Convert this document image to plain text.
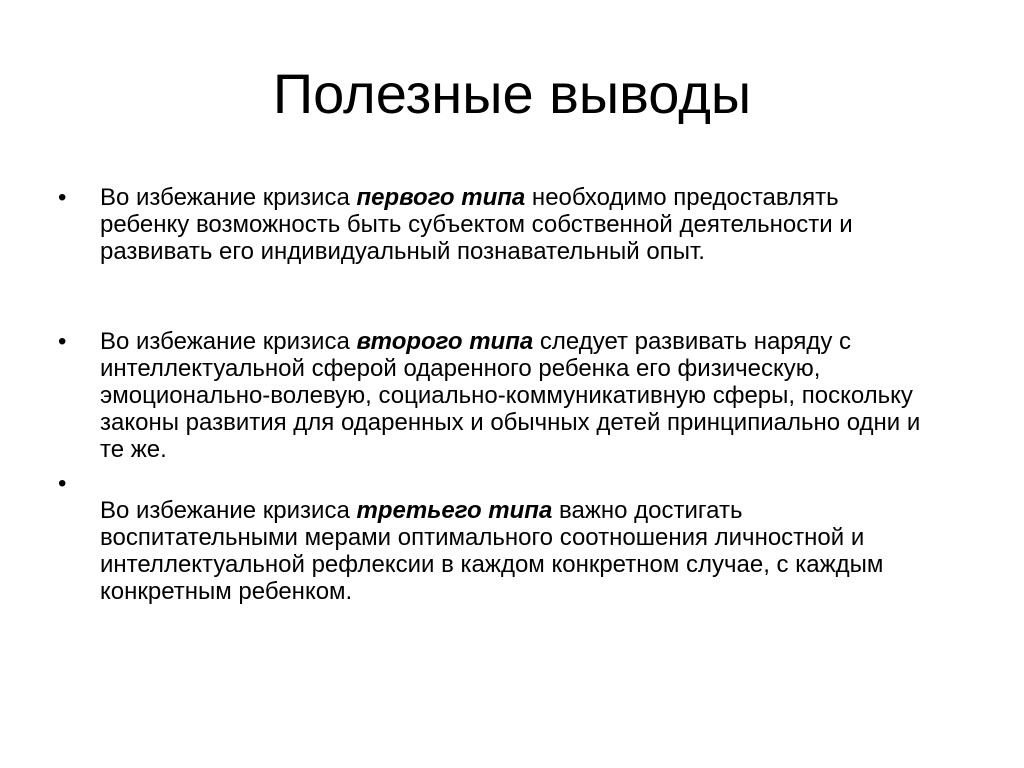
Полезные выводы
• Во избежание кризиса первого типа необходимо предоставлять ребенку возможность быть субъектом собственной деятельности и развивать его индивидуальный познавательный опыт.
• Во избежание кризиса второго типа следует развивать наряду с интеллектуальной сферой одаренного ребенка его физическую, эмоционально-волевую, социально-коммуникативную сферы, поскольку законы развития для одаренных и обычных детей принципиально одни и те же.
•
Во избежание кризиса третьего типа важно достигать воспитательными мерами оптимального соотношения личностной и интеллектуальной рефлексии в каждом конкретном случае, с каждым конкретным ребенком.
